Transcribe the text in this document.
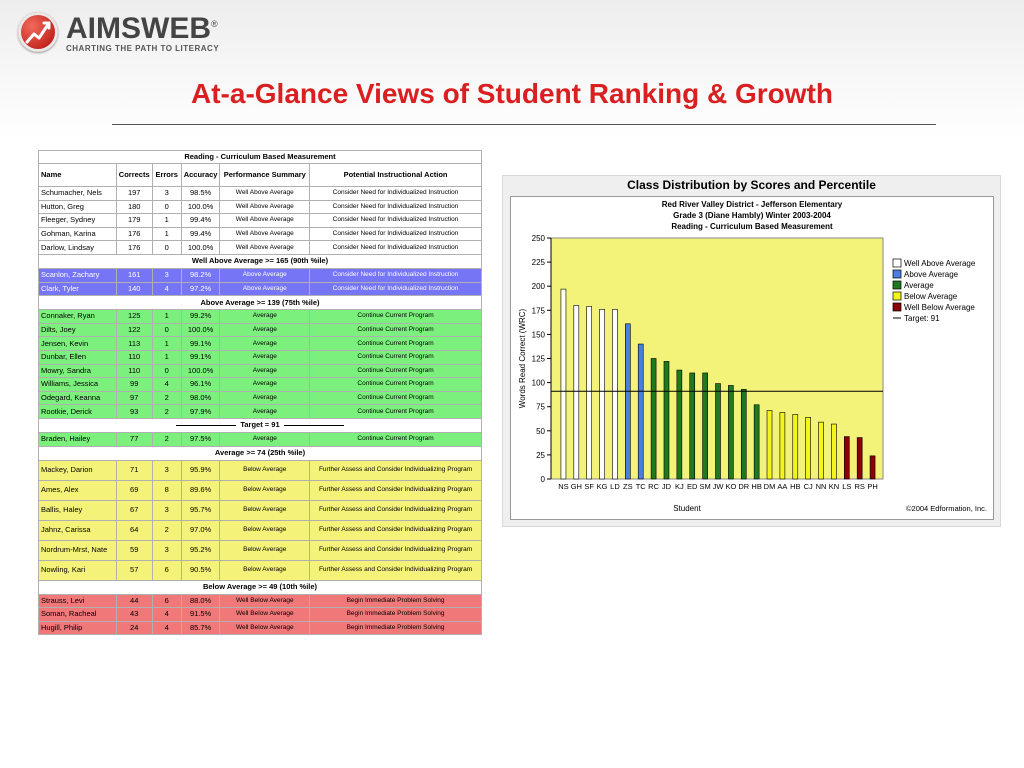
AIMSWEB®
CHARTING THE PATH TO LITERACY
At-a-Glance Views of Student Ranking & Growth
Reading - Curriculum Based Measurement					
Name	Corrects	Errors	Accuracy	Performance Summary	Potential Instructional Action
Schumacher, Nels	197	3	98.5%	Well Above Average	Consider Need for Individualized Instruction
Hutton, Greg	180	0	100.0%	Well Above Average	Consider Need for Individualized Instruction
Fleeger, Sydney	179	1	99.4%	Well Above Average	Consider Need for Individualized Instruction
Gohman, Karina	176	1	99.4%	Well Above Average	Consider Need for Individualized Instruction
Darlow, Lindsay	176	0	100.0%	Well Above Average	Consider Need for Individualized Instruction
Well Above Average >= 165 (90th %ile)					
Scanlon, Zachary	161	3	98.2%	Above Average	Consider Need for Individualized Instruction
Clark, Tyler	140	4	97.2%	Above Average	Consider Need for Individualized Instruction
Above Average >= 139 (75th %ile)					
Connaker, Ryan	125	1	99.2%	Average	Continue Current Program
Dilts, Joey	122	0	100.0%	Average	Continue Current Program
Jensen, Kevin	113	1	99.1%	Average	Continue Current Program
Dunbar, Ellen	110	1	99.1%	Average	Continue Current Program
Mowry, Sandra	110	0	100.0%	Average	Continue Current Program
Williams, Jessica	99	4	96.1%	Average	Continue Current Program
Odegard, Keanna	97	2	98.0%	Average	Continue Current Program
Rootkie, Derick	93	2	97.9%	Average	Continue Current Program
Target = 91					
Braden, Hailey	77	2	97.5%	Average	Continue Current Program
Average >= 74 (25th %ile)					
Mackey, Darion	71	3	95.9%	Below Average	Further Assess and Consider Individualizing Program
Ames, Alex	69	8	89.6%	Below Average	Further Assess and Consider Individualizing Program
Ballis, Haley	67	3	95.7%	Below Average	Further Assess and Consider Individualizing Program
Jahnz, Carissa	64	2	97.0%	Below Average	Further Assess and Consider Individualizing Program
Nordrum-Mrst, Nate	59	3	95.2%	Below Average	Further Assess and Consider Individualizing Program
Nowling, Kari	57	6	90.5%	Below Average	Further Assess and Consider Individualizing Program
Below Average >= 49 (10th %ile)					
Strauss, Levi	44	6	88.0%	Well Below Average	Begin Immediate Problem Solving
Soman, Racheal	43	4	91.5%	Well Below Average	Begin Immediate Problem Solving
Hugill, Philip	24	4	85.7%	Well Below Average	Begin Immediate Problem Solving
Class Distribution by Scores and Percentile
Red River Valley District - Jefferson Elementary
Grade 3 (Diane Hambly) Winter 2003-2004
Reading - Curriculum Based Measurement
0
25
50
75
100
125
150
175
200
225
250
Words Read Correct (WRC)
NS GH SF KG LD ZS TC RC JD KJ ED SM JW KO DR HB DM AA HB CJ NN KN LS RS PH
Student
Well Above Average
Above Average
Average
Below Average
Well Below Average
Target: 91
©2004 Edformation, Inc.
